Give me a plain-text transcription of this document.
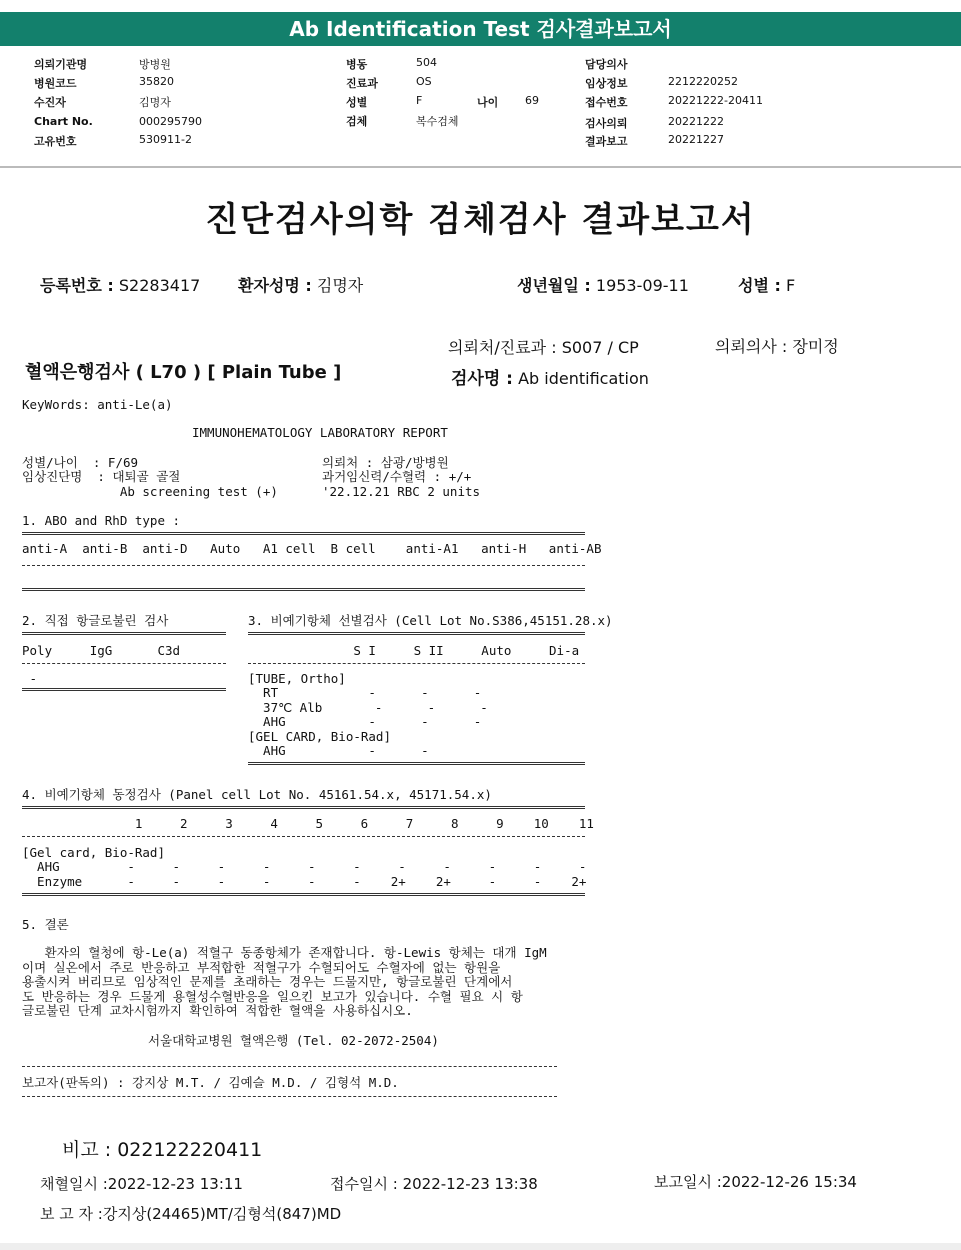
Ab Identification Test 검사결과보고서
의뢰기관명	방병원
병원코드	35820
수진자	김명자
Chart No.	000295790
고유번호	530911-2
병동	504
진료과	OS
성별	F	나이 69
검체	복수검체
담당의사
임상정보	2212220252
접수번호	20221222-20411
검사의뢰	20221222
결과보고	20221227
진단검사의학 검체검사 결과보고서
등록번호 : S2283417 환자성명 : 김명자	생년월일 : 1953-09-11	성별 : F
의뢰처/진료과 : S007 / CP	의뢰의사 : 장미정
혈액은행검사 ( L70 ) [ Plain Tube ]	검사명 : Ab identification
KeyWords: anti-Le(a)
IMMUNOHEMATOLOGY LABORATORY REPORT
성별/나이  : F/69
임상진단명  : 대퇴골 골절
Ab screening test (+)
의뢰처 : 삼광/방병원
과거임신력/수혈력 : +/+
'22.12.21 RBC 2 units
1. ABO and RhD type :
anti-A  anti-B  anti-D   Auto   A1 cell  B cell    anti-A1   anti-H   anti-AB
2. 직접 항글로불린 검사
Poly     IgG      C3d
-
3. 비예기항체 선별검사 (Cell Lot No.S386,45151.28.x)
S I     S II     Auto     Di-a
[TUBE, Ortho]
RT            -      -      -
37℃ Alb       -      -      -
AHG           -      -      -
[GEL CARD, Bio-Rad]
AHG           -      -
4. 비예기항체 동정검사 (Panel cell Lot No. 45161.54.x, 45171.54.x)
1     2     3     4     5     6     7     8     9    10    11
[Gel card, Bio-Rad]
AHG         -     -     -     -     -     -     -     -     -     -     -
Enzyme      -     -     -     -     -     -    2+    2+     -     -    2+
5. 결론
환자의 혈청에 항-Le(a) 적혈구 동종항체가 존재합니다. 항-Lewis 항체는 대개 IgM
이며 실온에서 주로 반응하고 부적합한 적혈구가 수혈되어도 수혈자에 없는 항원을
용출시켜 버리므로 임상적인 문제를 초래하는 경우는 드물지만, 항글로불린 단계에서
도 반응하는 경우 드물게 용혈성수혈반응을 일으킨 보고가 있습니다. 수혈 필요 시 항
글로불린 단계 교차시험까지 확인하여 적합한 혈액을 사용하십시오.
서울대학교병원 혈액은행 (Tel. 02-2072-2504)
보고자(판독의) : 강지상 M.T. / 김예슬 M.D. / 김형석 M.D.
비고 : 022122220411
채혈일시 :2022-12-23 13:11	접수일시 : 2022-12-23 13:38	보고일시 :2022-12-26 15:34
보 고 자 :강지상(24465)MT/김형석(847)MD
